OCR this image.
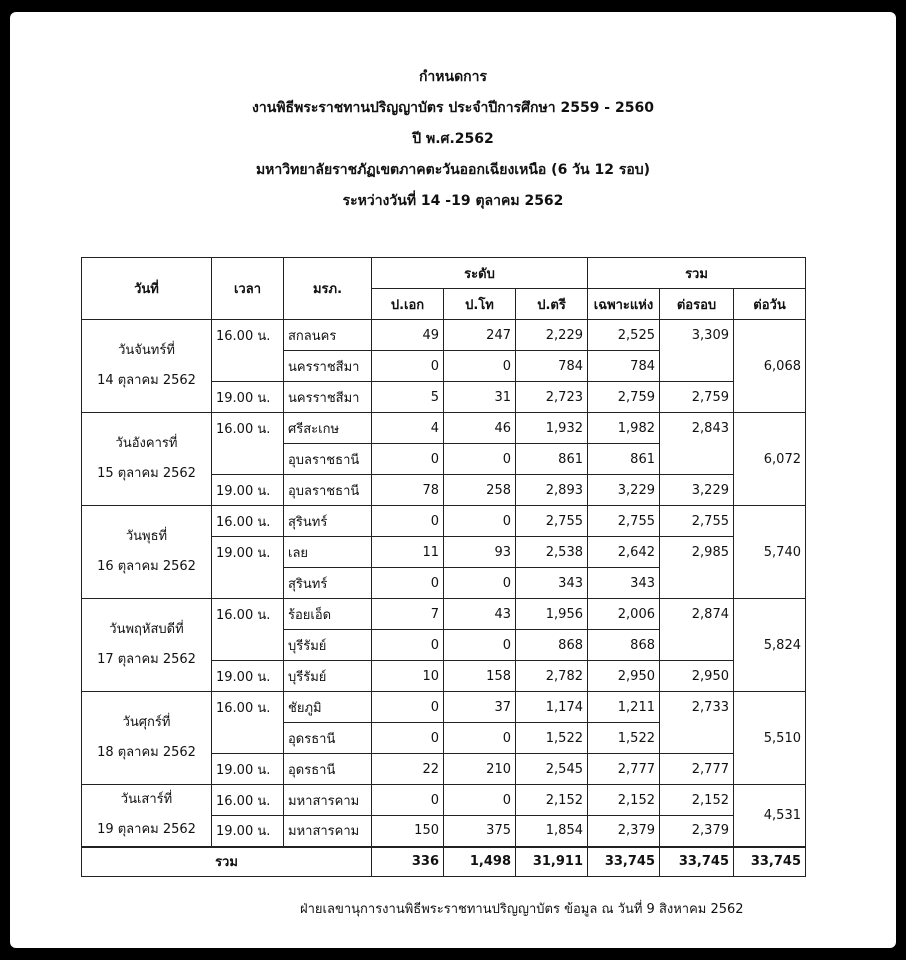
กำหนดการ
งานพิธีพระราชทานปริญญาบัตร ประจำปีการศึกษา 2559 - 2560
ปี พ.ศ.2562
มหาวิทยาลัยราชภัฏเขตภาคตะวันออกเฉียงเหนือ (6 วัน 12 รอบ)
ระหว่างวันที่ 14 -19 ตุลาคม 2562
วันที่	เวลา	มรภ.	ระดับ			รวม		
			ป.เอก	ป.โท	ป.ตรี	เฉพาะแห่ง	ต่อรอบ	ต่อวัน

วันจันทร์ที่
14 ตุลาคม 2562	16.00 น.	สกลนคร	49	247	2,229	2,525	3,309	6,068
		นครราชสีมา	0	0	784	784		
	19.00 น.	นครราชสีมา	5	31	2,723	2,759	2,759	

วันอังคารที่
15 ตุลาคม 2562	16.00 น.	ศรีสะเกษ	4	46	1,932	1,982	2,843	6,072
		อุบลราชธานี	0	0	861	861		
	19.00 น.	อุบลราชธานี	78	258	2,893	3,229	3,229	

วันพุธที่
16 ตุลาคม 2562	16.00 น.	สุรินทร์	0	0	2,755	2,755	2,755	5,740
	19.00 น.	เลย	11	93	2,538	2,642	2,985	
		สุรินทร์	0	0	343	343		

วันพฤหัสบดีที่
17 ตุลาคม 2562	16.00 น.	ร้อยเอ็ด	7	43	1,956	2,006	2,874	5,824
		บุรีรัมย์	0	0	868	868		
	19.00 น.	บุรีรัมย์	10	158	2,782	2,950	2,950	

วันศุกร์ที่
18 ตุลาคม 2562	16.00 น.	ชัยภูมิ	0	37	1,174	1,211	2,733	5,510
		อุดรธานี	0	0	1,522	1,522		
	19.00 น.	อุดรธานี	22	210	2,545	2,777	2,777	

วันเสาร์ที่
19 ตุลาคม 2562	16.00 น.	มหาสารคาม	0	0	2,152	2,152	2,152	4,531
	19.00 น.	มหาสารคาม	150	375	1,854	2,379	2,379	
รวม			336	1,498	31,911	33,745	33,745	33,745
ฝ่ายเลขานุการงานพิธีพระราชทานปริญญาบัตร ข้อมูล ณ วันที่ 9 สิงหาคม 2562
